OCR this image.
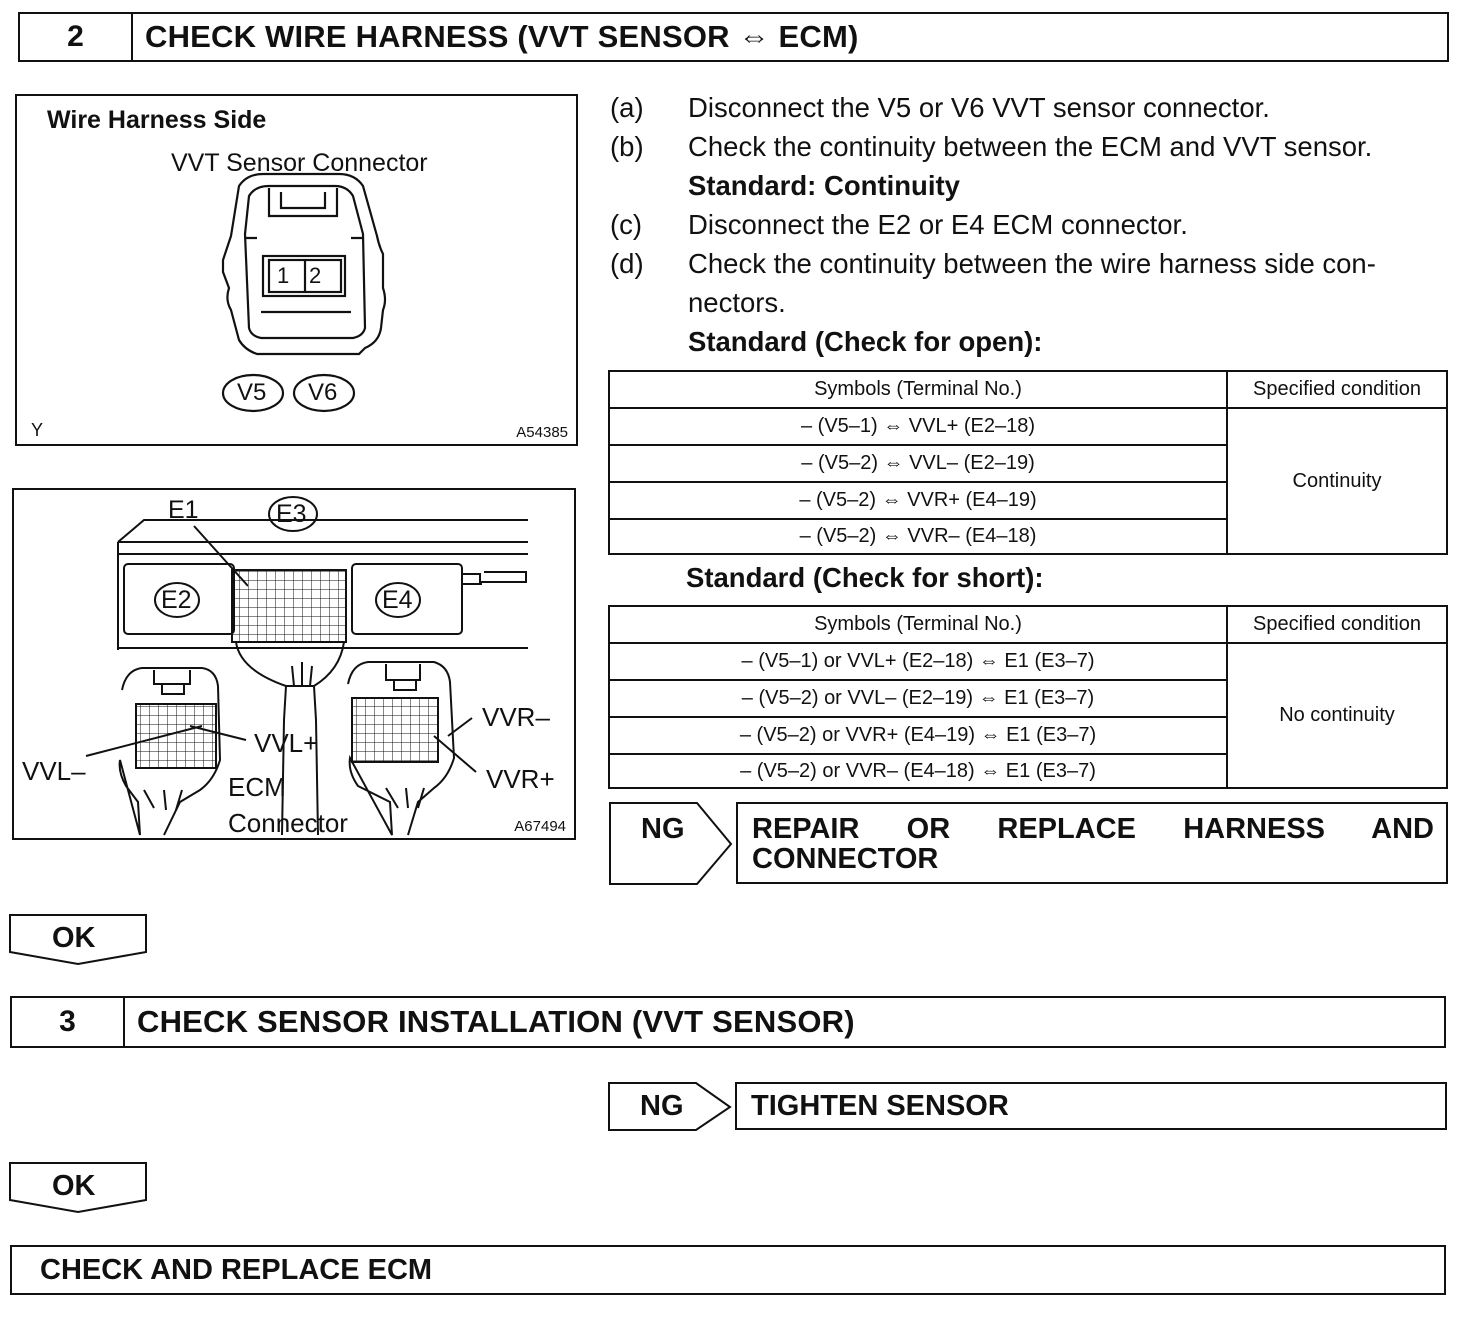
2	CHECK WIRE HARNESS (VVT SENSOR ⇔ ECM)
Wire Harness Side
VVT Sensor Connector
1 2
V5 V6
Y	A54385
E1	E3
E2	E4
VVL–
VVL+
VVR–
VVR+
ECM
Connector	A67494
(a)	Disconnect the V5 or V6 VVT sensor connector.
(b)	Check the continuity between the ECM and VVT sensor.
Standard: Continuity
(c)	Disconnect the E2 or E4 ECM connector.
(d)	Check the continuity between the wire harness side con-
nectors.
Standard (Check for open):
Symbols (Terminal No.)	Specified condition
– (V5–1) ⇔ VVL+ (E2–18)	Continuity
– (V5–2) ⇔ VVL– (E2–19)	
– (V5–2) ⇔ VVR+ (E4–19)	
– (V5–2) ⇔ VVR– (E4–18)	
Standard (Check for short):
Symbols (Terminal No.)	Specified condition
– (V5–1) or VVL+ (E2–18) ⇔ E1 (E3–7)	No continuity
– (V5–2) or VVL– (E2–19) ⇔ E1 (E3–7)	
– (V5–2) or VVR+ (E4–19) ⇔ E1 (E3–7)	
– (V5–2) or VVR– (E4–18) ⇔ E1 (E3–7)	
NG REPAIR OR REPLACE HARNESS AND CONNECTOR
OK
3	CHECK SENSOR INSTALLATION (VVT SENSOR)
NG	TIGHTEN SENSOR
OK
CHECK AND REPLACE ECM
